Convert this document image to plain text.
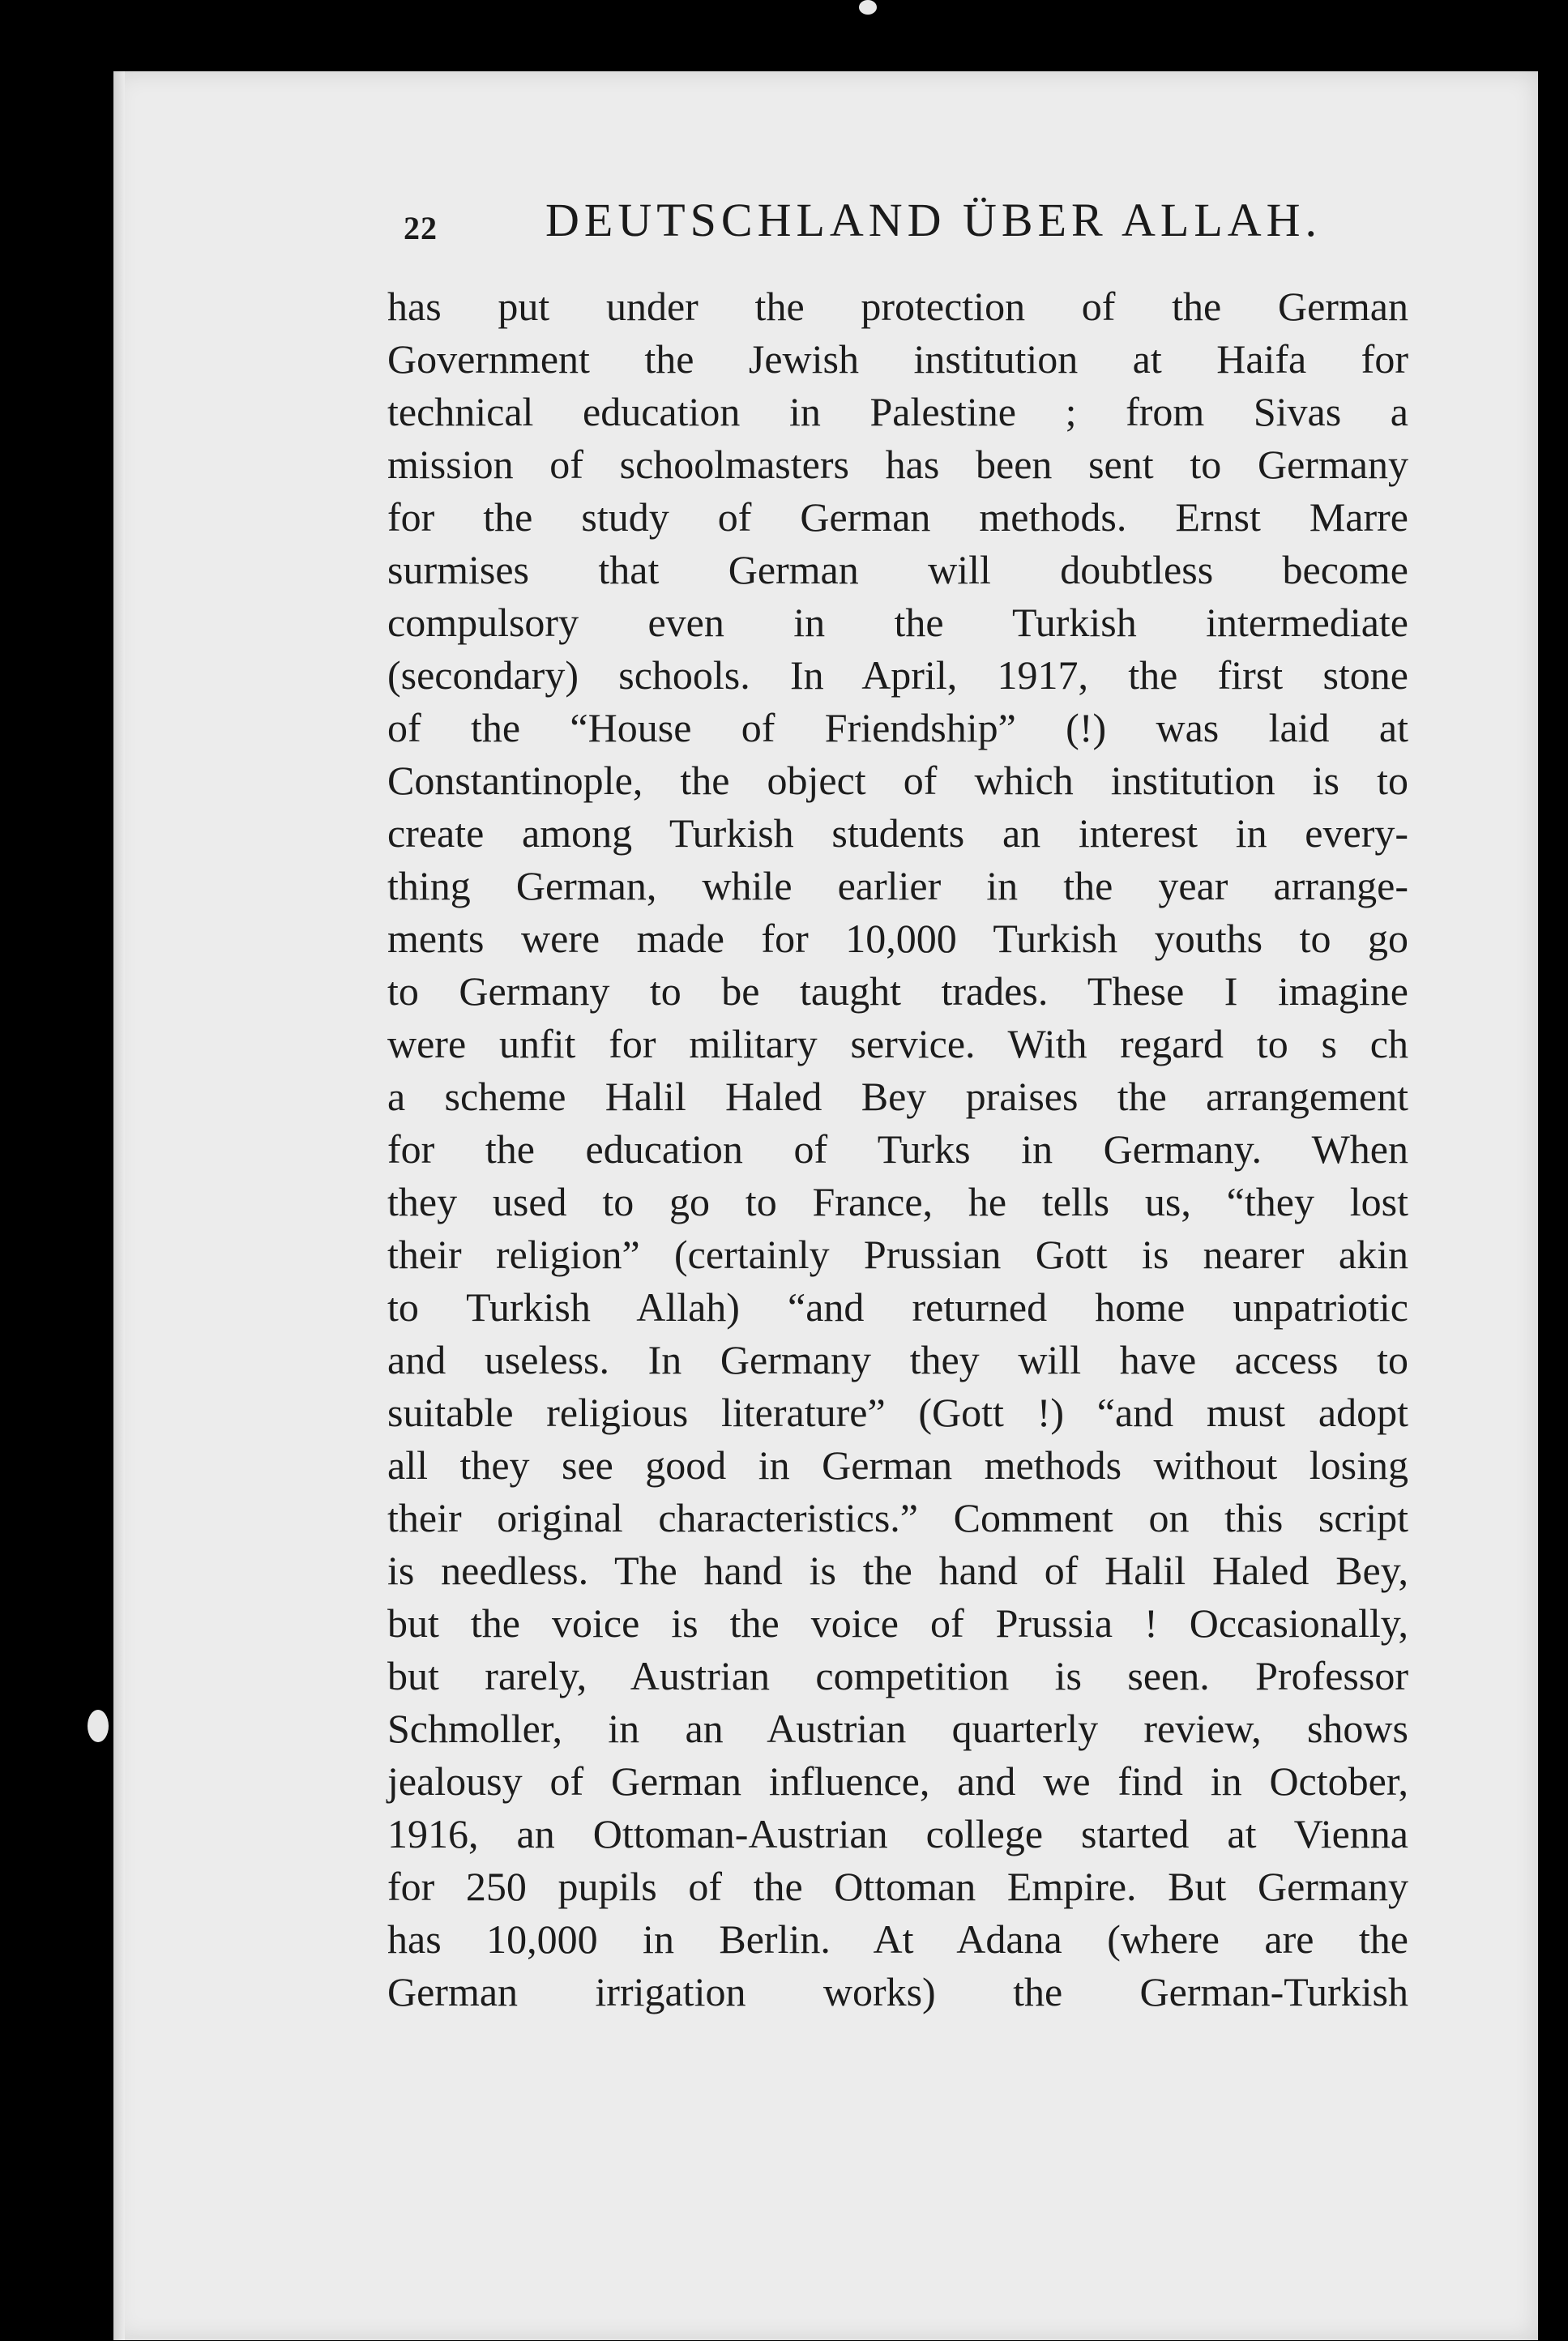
22 DEUTSCHLAND ÜBER ALLAH.
has put under the protection of the German
Government the Jewish institution at Haifa for
technical education in Palestine ; from Sivas a
mission of schoolmasters has been sent to Germany
for the study of German methods. Ernst Marre
surmises that German will doubtless become
compulsory even in the Turkish intermediate
(secondary) schools. In April, 1917, the first stone
of the “House of Friendship” (!) was laid at
Constantinople, the object of which institution is to
create among Turkish students an interest in every-
thing German, while earlier in the year arrange-
ments were made for 10,000 Turkish youths to go
to Germany to be taught trades. These I imagine
were unfit for military service. With regard to s ch
a scheme Halil Haled Bey praises the arrangement
for the education of Turks in Germany. When
they used to go to France, he tells us, “they lost
their religion” (certainly Prussian Gott is nearer akin
to Turkish Allah) “and returned home unpatriotic
and useless. In Germany they will have access to
suitable religious literature” (Gott !) “and must adopt
all they see good in German methods without losing
their original characteristics.” Comment on this script
is needless. The hand is the hand of Halil Haled Bey,
but the voice is the voice of Prussia ! Occasionally,
but rarely, Austrian competition is seen. Professor
Schmoller, in an Austrian quarterly review, shows
jealousy of German influence, and we find in October,
1916, an Ottoman-Austrian college started at Vienna
for 250 pupils of the Ottoman Empire. But Germany
has 10,000 in Berlin. At Adana (where are the
German irrigation works) the German-Turkish
